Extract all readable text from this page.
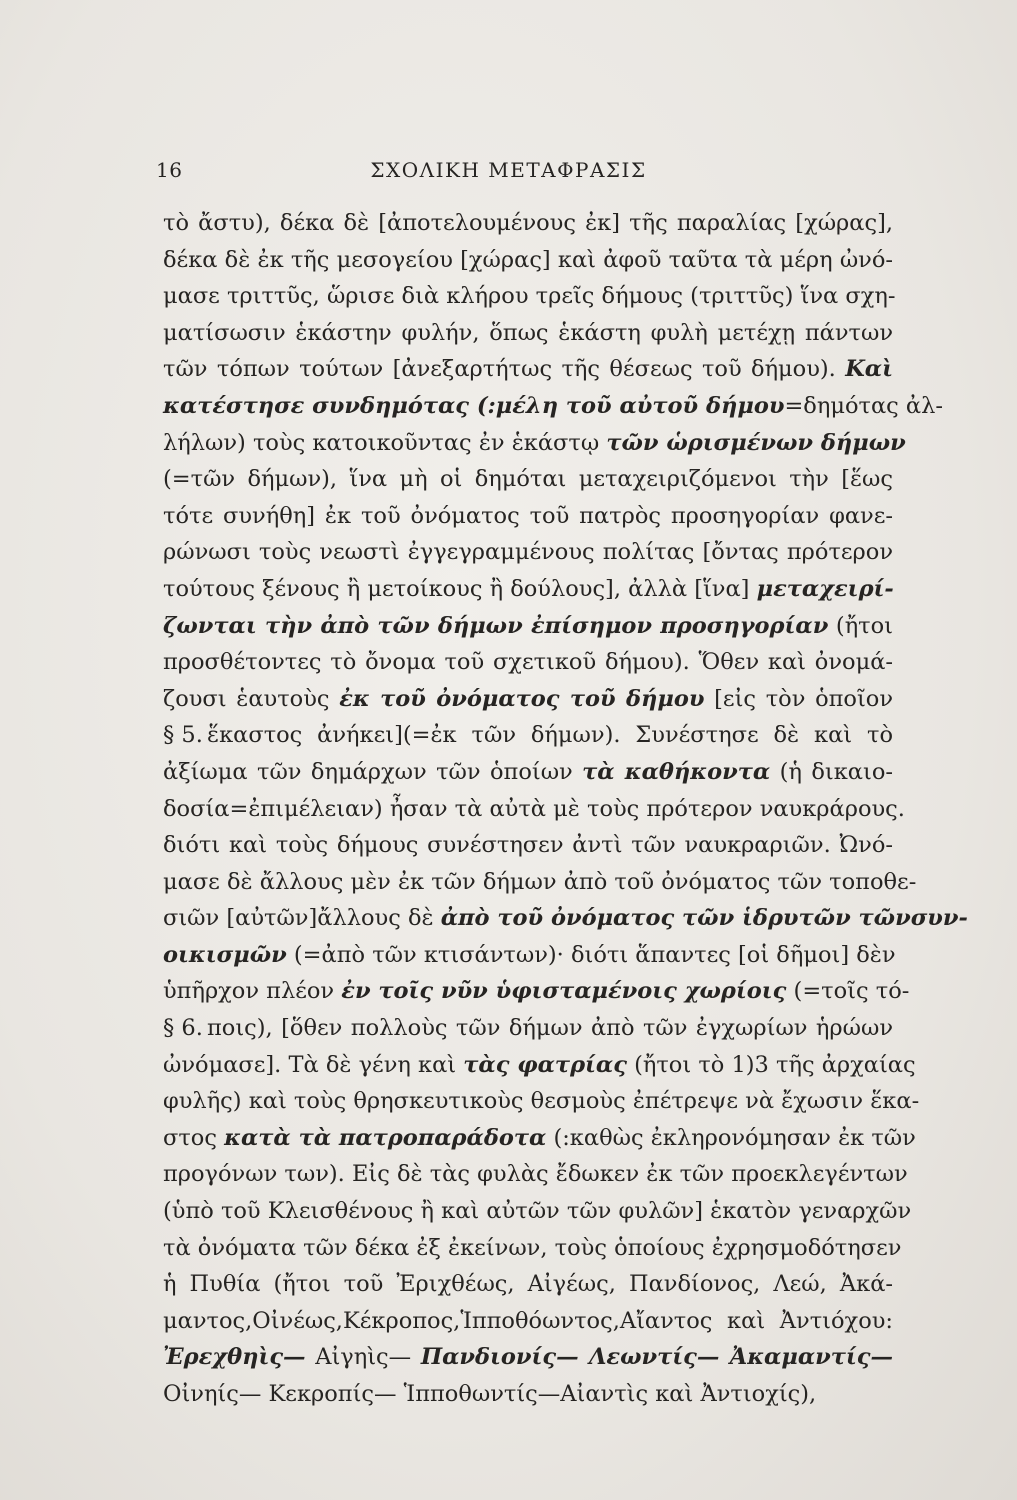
16	ΣΧΟΛΙΚΗ ΜΕΤΑΦΡΑΣΙΣ
τὸ ἄστυ), δέκα δὲ [ἀποτελουμένους ἐκ] τῆς παραλίας [χώρας],
δέκα δὲ ἐκ τῆς μεσογείου [χώρας] καὶ ἀφοῦ ταῦτα τὰ μέρη ὠνό-
μασε τριττῦς, ὥρισε διὰ κλήρου τρεῖς δήμους (τριττῦς) ἵνα σχη-
ματίσωσιν ἑκάστην φυλήν, ὅπως ἑκάστη φυλὴ μετέχῃ πάντων
τῶν τόπων τούτων [ἀνεξαρτήτως τῆς θέσεως τοῦ δήμου). Καὶ
κατέστησε συνδημότας (:μέλη τοῦ αὐτοῦ δήμου=δημότας ἀλ-
λήλων) τοὺς κατοικοῦντας ἐν ἑκάστῳ τῶν ὡρισμένων δήμων
(=τῶν δήμων), ἵνα μὴ οἱ δημόται μεταχειριζόμενοι τὴν [ἕως
τότε συνήθη] ἐκ τοῦ ὀνόματος τοῦ πατρὸς προσηγορίαν φανε-
ρώνωσι τοὺς νεωστὶ ἐγγεγραμμένους πολίτας [ὄντας πρότερον
τούτους ξένους ἢ μετοίκους ἢ δούλους], ἀλλὰ [ἵνα] μεταχειρί-
ζωνται τὴν ἀπὸ τῶν δήμων ἐπίσημον προσηγορίαν (ἤτοι
προσθέτοντες τὸ ὄνομα τοῦ σχετικοῦ δήμου). Ὅθεν καὶ ὀνομά-
ζουσι ἑαυτοὺς ἐκ τοῦ ὀνόματος τοῦ δήμου [εἰς τὸν ὁποῖον
§ 5. ἕκαστος ἀνήκει](=ἐκ τῶν δήμων). Συνέστησε δὲ καὶ τὸ
ἀξίωμα τῶν δημάρχων τῶν ὁποίων τὰ καθήκοντα (ἡ δικαιο-
δοσία=ἐπιμέλειαν) ἦσαν τὰ αὐτὰ μὲ τοὺς πρότερον ναυκράρους.
διότι καὶ τοὺς δήμους συνέστησεν ἀντὶ τῶν ναυκραριῶν. Ὠνό-
μασε δὲ ἄλλους μὲν ἐκ τῶν δήμων ἀπὸ τοῦ ὀνόματος τῶν τοποθε-
σιῶν [αὐτῶν]ἄλλους δὲ ἀπὸ τοῦ ὀνόματος τῶν ἱδρυτῶν τῶνσυν-
οικισμῶν (=ἀπὸ τῶν κτισάντων)· διότι ἅπαντες [οἱ δῆμοι] δὲν
ὑπῆρχον πλέον ἐν τοῖς νῦν ὑφισταμένοις χωρίοις (=τοῖς τό-
§ 6. ποις), [ὅθεν πολλοὺς τῶν δήμων ἀπὸ τῶν ἐγχωρίων ἡρώων
ὠνόμασε]. Τὰ δὲ γένη καὶ τὰς φατρίας (ἤτοι τὸ 1)3 τῆς ἀρχαίας
φυλῆς) καὶ τοὺς θρησκευτικοὺς θεσμοὺς ἐπέτρεψε νὰ ἔχωσιν ἕκα-
στος κατὰ τὰ πατροπαράδοτα (:καθὼς ἐκληρονόμησαν ἐκ τῶν
προγόνων των). Εἰς δὲ τὰς φυλὰς ἔδωκεν ἐκ τῶν προεκλεγέντων
(ὑπὸ τοῦ Κλεισθένους ἢ καὶ αὐτῶν τῶν φυλῶν] ἑκατὸν γεναρχῶν
τὰ ὀνόματα τῶν δέκα ἐξ ἐκείνων, τοὺς ὁποίους ἐχρησμοδότησεν
ἡ Πυθία (ἤτοι τοῦ Ἐριχθέως, Αἰγέως, Πανδίονος, Λεώ, Ἀκά-
μαντος,Οἰνέως,Κέκροπος,Ἱπποθόωντος,Αἴαντος καὶ Ἀντιόχου:
Ἐρεχθηὶς— Αἰγηὶς— Πανδιονίς— Λεωντίς— Ἀκαμαντίς—
Οἰνηίς— Κεκροπίς— Ἱπποθωντίς—Αἰαντὶς καὶ Ἀντιοχίς),
